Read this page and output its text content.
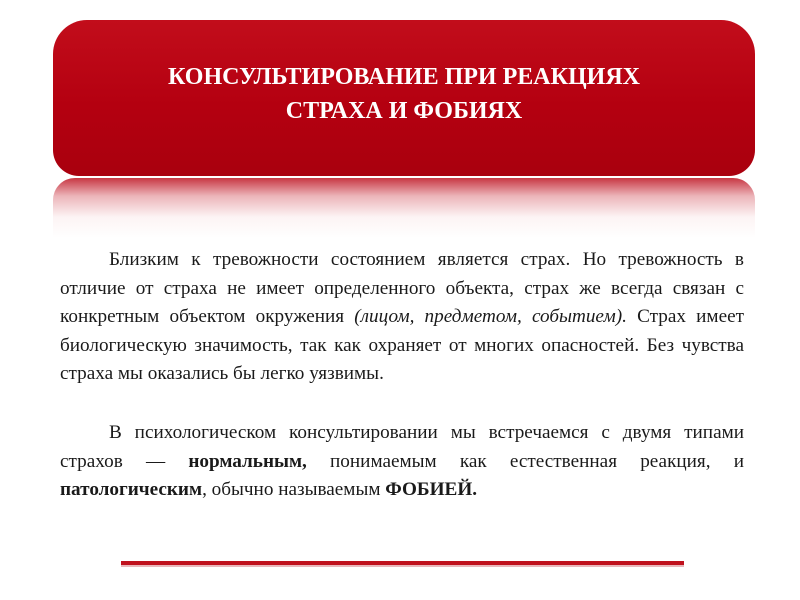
КОНСУЛЬТИРОВАНИЕ ПРИ РЕАКЦИЯХ
СТРАХА И ФОБИЯХ

Близким к тревожности состоянием является страх. Но тревожность в отличие от страха не имеет определенного объекта, страх же всегда связан с конкретным объектом окружения (лицом, предметом, событием). Страх имеет биологическую значимость, так как охраняет от многих опасностей. Без чувства страха мы оказались бы легко уязвимы.

В психологическом консультировании мы встречаемся с двумя типами страхов — нормальным, понимаемым как естественная реакция, и патологическим, обычно называемым ФОБИЕЙ.
